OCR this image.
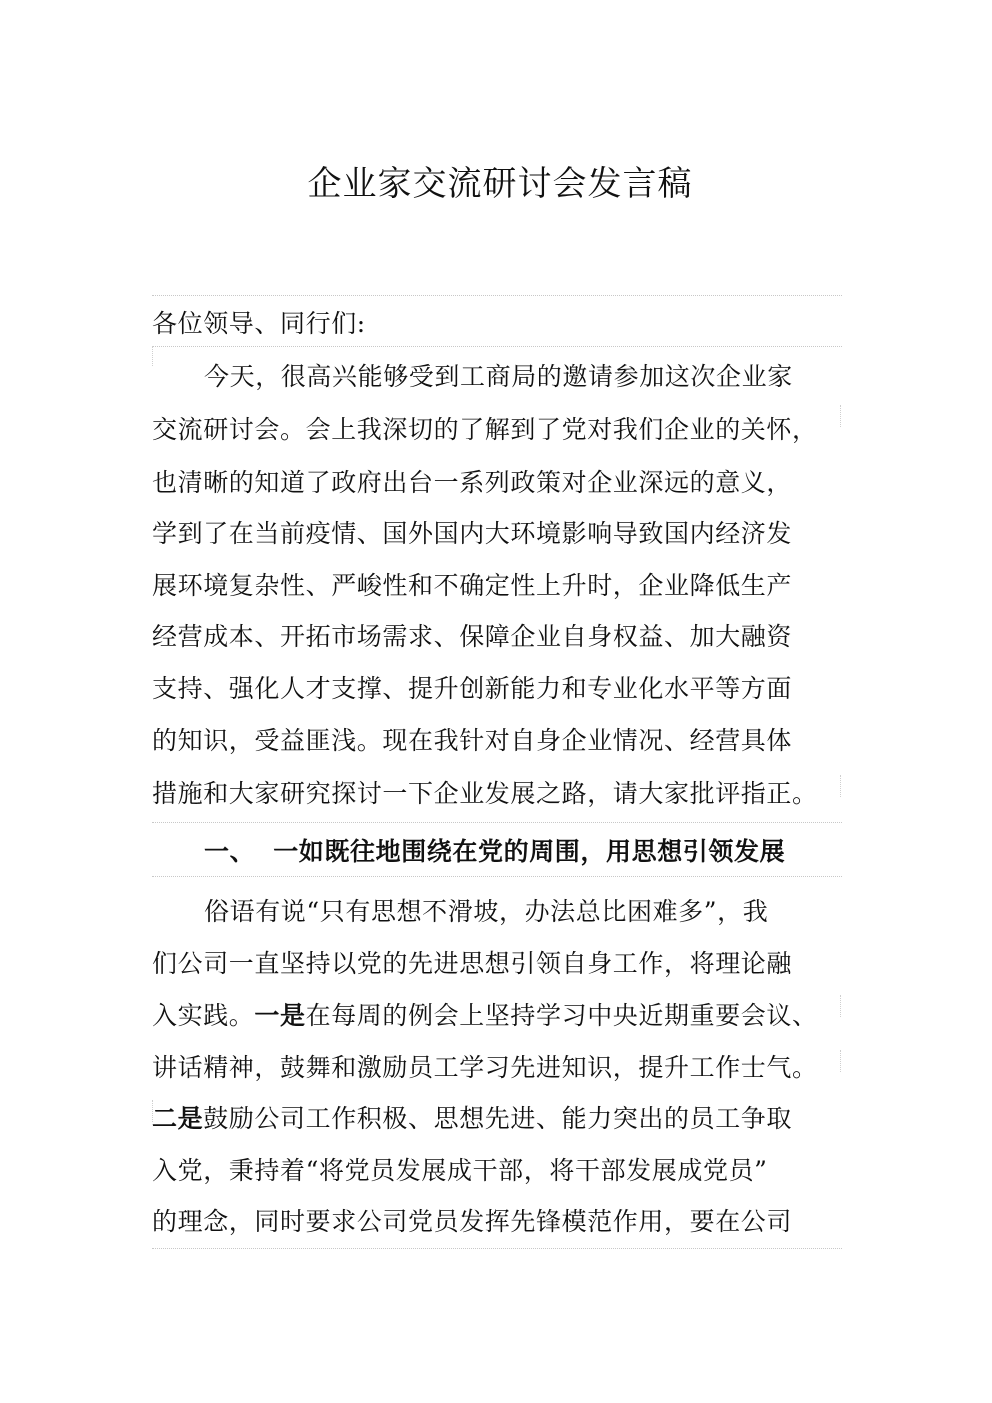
企业家交流研讨会发言稿
各位领导、同行们:
今天，很高兴能够受到工商局的邀请参加这次企业家
交流研讨会。会上我深切的了解到了党对我们企业的关怀，
也清晰的知道了政府出台一系列政策对企业深远的意义，
学到了在当前疫情、国外国内大环境影响导致国内经济发
展环境复杂性、严峻性和不确定性上升时，企业降低生产
经营成本、开拓市场需求、保障企业自身权益、加大融资
支持、强化人才支撑、提升创新能力和专业化水平等方面
的知识，受益匪浅。现在我针对自身企业情况、经营具体
措施和大家研究探讨一下企业发展之路，请大家批评指正。
一、 一如既往地围绕在党的周围，用思想引领发展
俗语有说“只有思想不滑坡，办法总比困难多”，我
们公司一直坚持以党的先进思想引领自身工作，将理论融
入实践。一是在每周的例会上坚持学习中央近期重要会议、
讲话精神，鼓舞和激励员工学习先进知识，提升工作士气。
二是鼓励公司工作积极、思想先进、能力突出的员工争取
入党，秉持着“将党员发展成干部，将干部发展成党员”
的理念，同时要求公司党员发挥先锋模范作用，要在公司
